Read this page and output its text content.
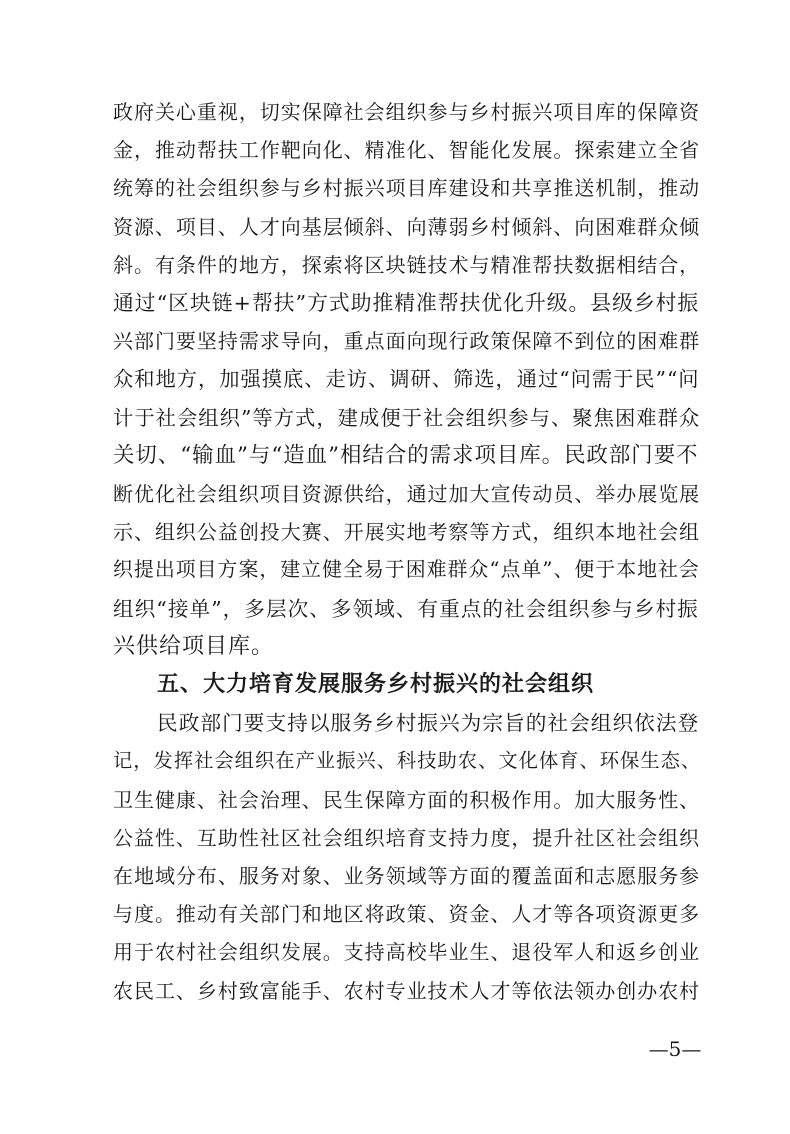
政府关心重视，切实保障社会组织参与乡村振兴项目库的保障资
金，推动帮扶工作靶向化、精准化、智能化发展。探索建立全省
统筹的社会组织参与乡村振兴项目库建设和共享推送机制，推动
资源、项目、人才向基层倾斜、向薄弱乡村倾斜、向困难群众倾
斜。有条件的地方，探索将区块链技术与精准帮扶数据相结合，
通过“区块链+帮扶”方式助推精准帮扶优化升级。县级乡村振
兴部门要坚持需求导向，重点面向现行政策保障不到位的困难群
众和地方，加强摸底、走访、调研、筛选，通过“问需于民”“问
计于社会组织”等方式，建成便于社会组织参与、聚焦困难群众
关切、“输血”与“造血”相结合的需求项目库。民政部门要不
断优化社会组织项目资源供给，通过加大宣传动员、举办展览展
示、组织公益创投大赛、开展实地考察等方式，组织本地社会组
织提出项目方案，建立健全易于困难群众“点单”、便于本地社会
组织“接单”，多层次、多领域、有重点的社会组织参与乡村振
兴供给项目库。
五、大力培育发展服务乡村振兴的社会组织
民政部门要支持以服务乡村振兴为宗旨的社会组织依法登
记，发挥社会组织在产业振兴、科技助农、文化体育、环保生态、
卫生健康、社会治理、民生保障方面的积极作用。加大服务性、
公益性、互助性社区社会组织培育支持力度，提升社区社会组织
在地域分布、服务对象、业务领域等方面的覆盖面和志愿服务参
与度。推动有关部门和地区将政策、资金、人才等各项资源更多
用于农村社会组织发展。支持高校毕业生、退役军人和返乡创业
农民工、乡村致富能手、农村专业技术人才等依法领办创办农村
—5—
